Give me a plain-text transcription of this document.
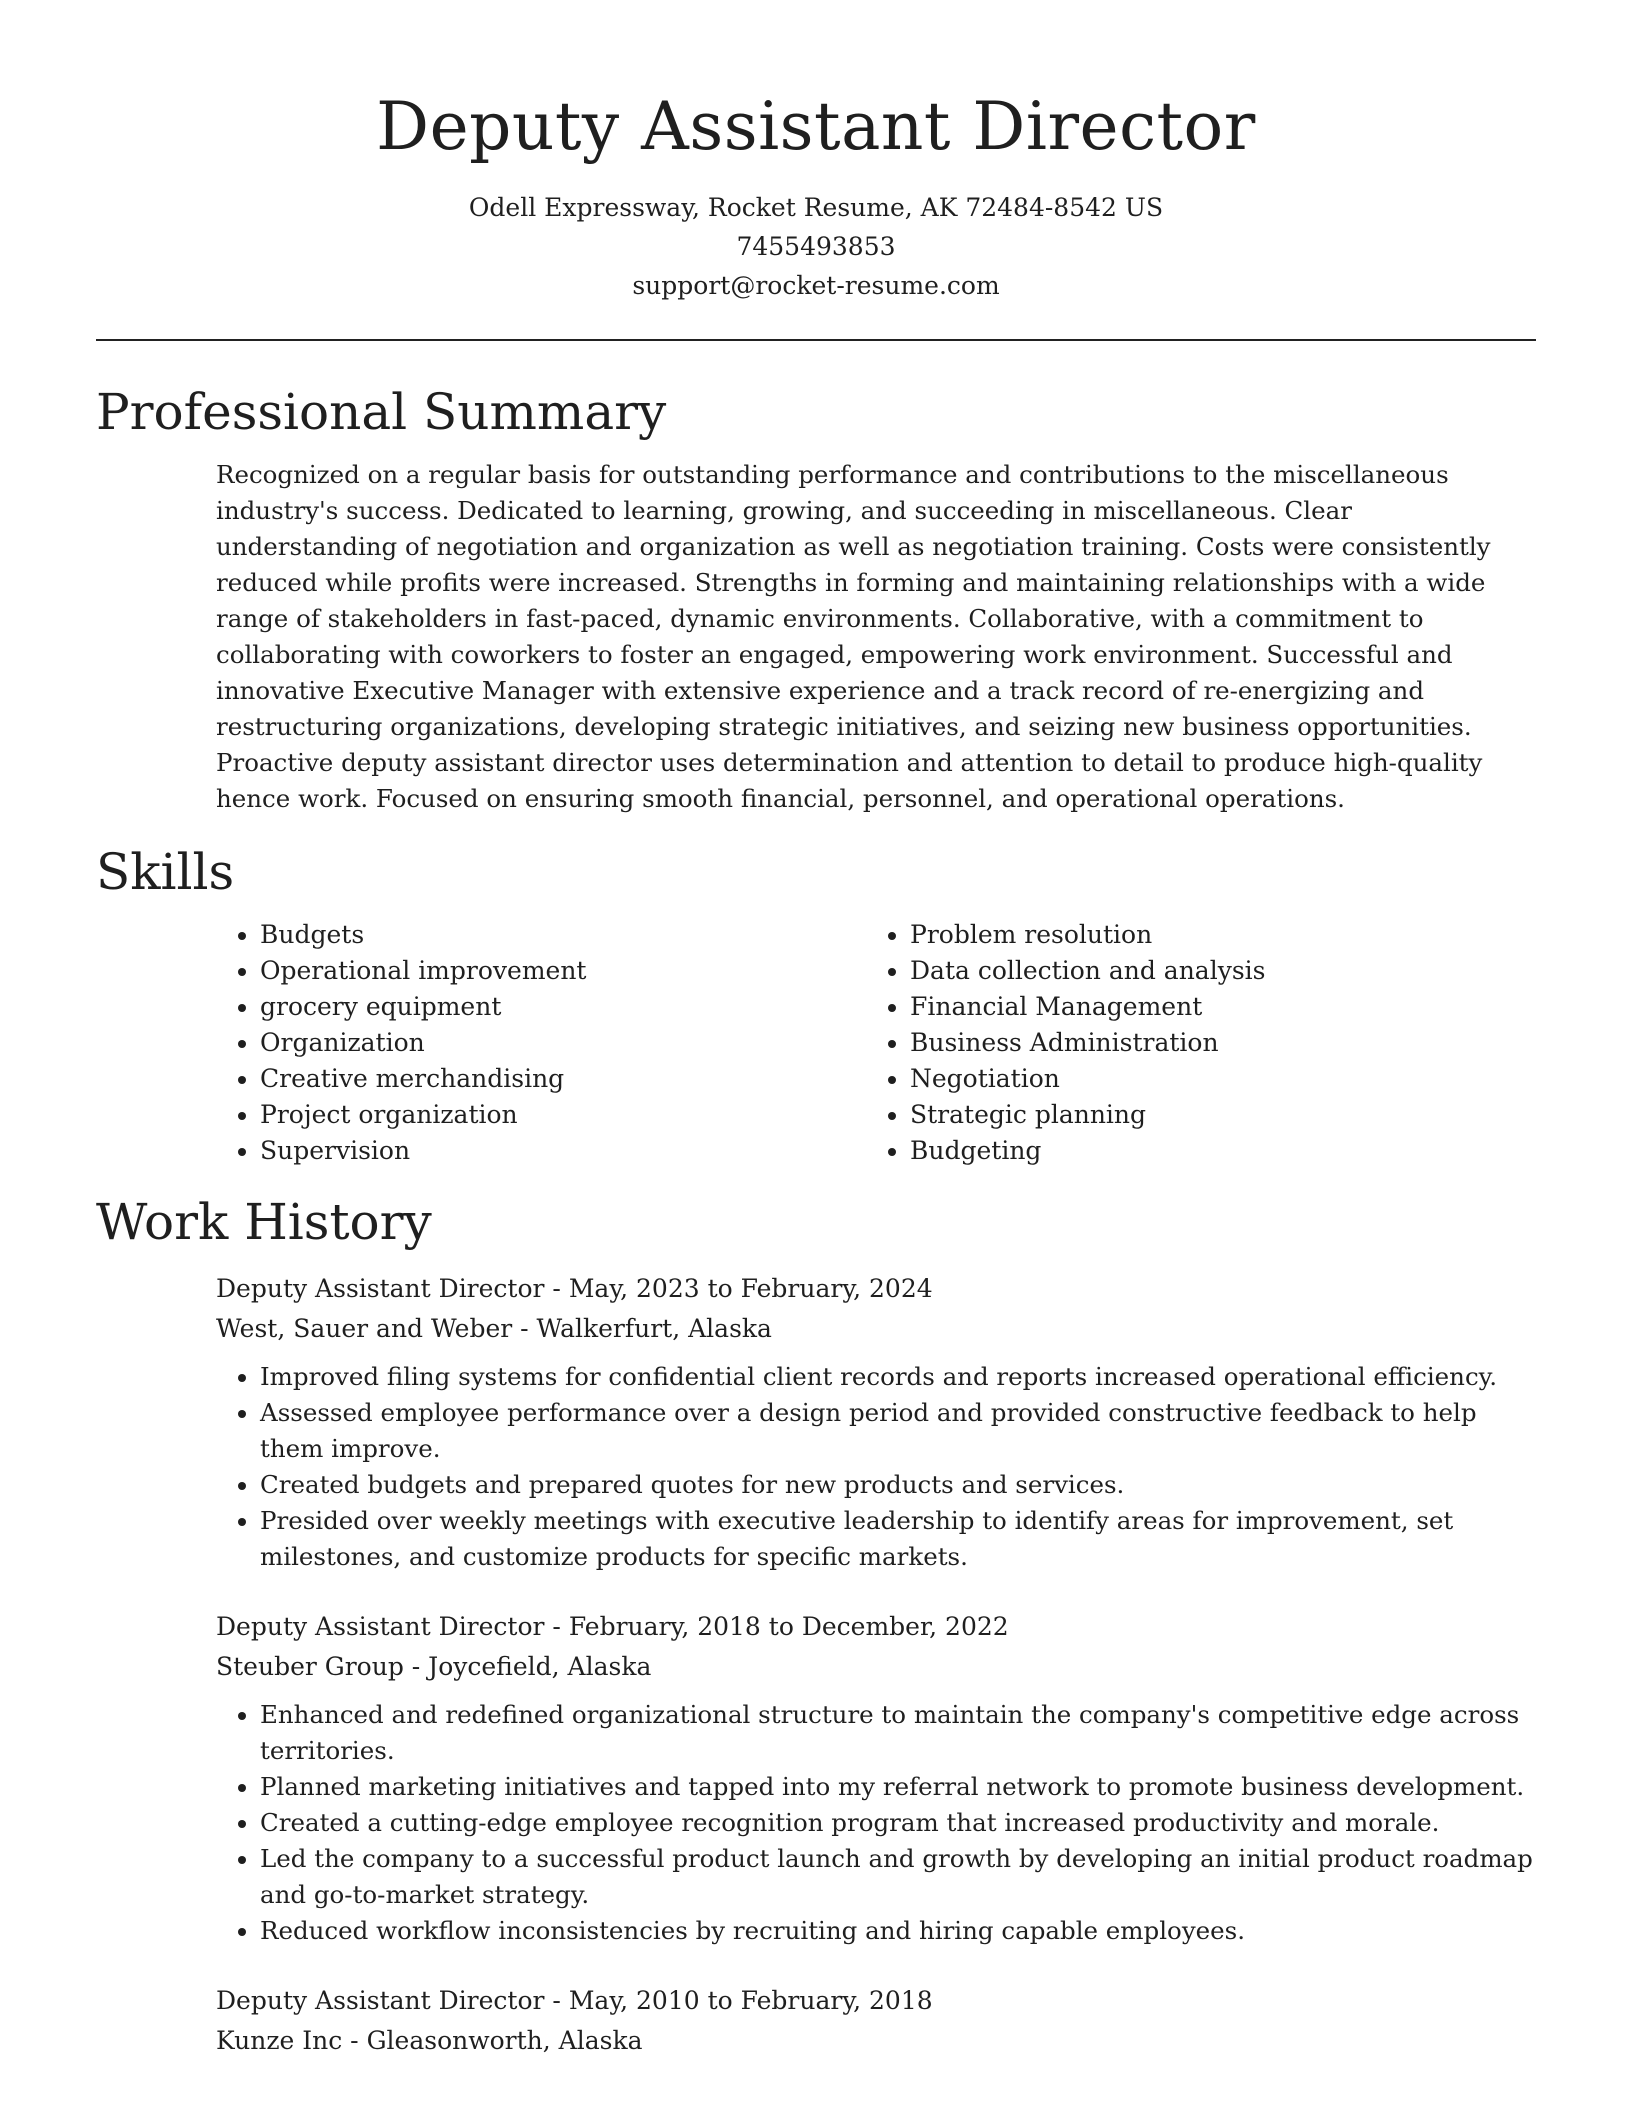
Deputy Assistant Director
Odell Expressway, Rocket Resume, AK 72484-8542 US
7455493853
support@rocket-resume.com
Professional Summary
Recognized on a regular basis for outstanding performance and contributions to the miscellaneous industry's success. Dedicated to learning, growing, and succeeding in miscellaneous. Clear understanding of negotiation and organization as well as negotiation training. Costs were consistently reduced while profits were increased. Strengths in forming and maintaining relationships with a wide range of stakeholders in fast-paced, dynamic environments. Collaborative, with a commitment to collaborating with coworkers to foster an engaged, empowering work environment. Successful and innovative Executive Manager with extensive experience and a track record of re-energizing and restructuring organizations, developing strategic initiatives, and seizing new business opportunities. Proactive deputy assistant director uses determination and attention to detail to produce high-quality hence work. Focused on ensuring smooth financial, personnel, and operational operations.
Skills
• Budgets
• Operational improvement
• grocery equipment
• Organization
• Creative merchandising
• Project organization
• Supervision
• Problem resolution
• Data collection and analysis
• Financial Management
• Business Administration
• Negotiation
• Strategic planning
• Budgeting
Work History
Deputy Assistant Director - May, 2023 to February, 2024
West, Sauer and Weber - Walkerfurt, Alaska
• Improved filing systems for confidential client records and reports increased operational efficiency.
• Assessed employee performance over a design period and provided constructive feedback to help them improve.
• Created budgets and prepared quotes for new products and services.
• Presided over weekly meetings with executive leadership to identify areas for improvement, set milestones, and customize products for specific markets.
Deputy Assistant Director - February, 2018 to December, 2022
Steuber Group - Joycefield, Alaska
• Enhanced and redefined organizational structure to maintain the company's competitive edge across territories.
• Planned marketing initiatives and tapped into my referral network to promote business development.
• Created a cutting-edge employee recognition program that increased productivity and morale.
• Led the company to a successful product launch and growth by developing an initial product roadmap and go-to-market strategy.
• Reduced workflow inconsistencies by recruiting and hiring capable employees.
Deputy Assistant Director - May, 2010 to February, 2018
Kunze Inc - Gleasonworth, Alaska
